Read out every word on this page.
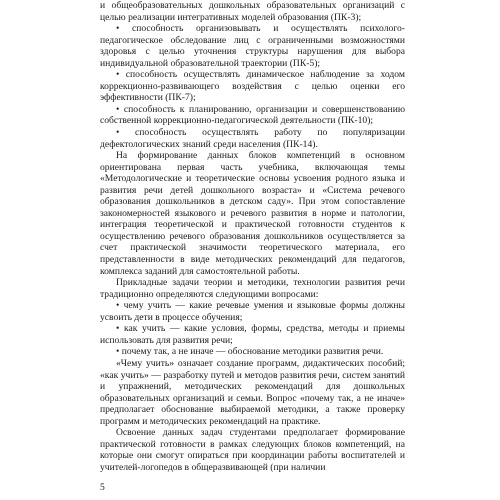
и общеобразовательных дошкольных образовательных организаций с целью реализации интегративных моделей образования (ПК-3);

• способность организовывать и осуществлять психолого-педагогическое обследование лиц с ограниченными возможностями здоровья с целью уточнения структуры нарушения для выбора индивидуальной образовательной траектории (ПК-5);

• способность осуществлять динамическое наблюдение за ходом коррекционно-развивающего воздействия с целью оценки его эффективности (ПК-7);

• способность к планированию, организации и совершенствованию собственной коррекционно-педагогической деятельности (ПК-10);

• способность осуществлять работу по популяризации дефектологических знаний среди населения (ПК-14).

На формирование данных блоков компетенций в основном ориентирована первая часть учебника, включающая темы «Методологические и теоретические основы усвоения родного языка и развития речи детей дошкольного возраста» и «Система речевого образования дошкольников в детском саду». При этом сопоставление закономерностей языкового и речевого развития в норме и патологии, интеграция теоретической и практической готовности студентов к осуществлению речевого образования дошкольников осуществляется за счет практической значимости теоретического материала, его представленности в виде методических рекомендаций для педагогов, комплекса заданий для самостоятельной работы.

Прикладные задачи теории и методики, технологии развития речи традиционно определяются следующими вопросами:

• чему учить — какие речевые умения и языковые формы должны усвоить дети в процессе обучения;

• как учить — какие условия, формы, средства, методы и приемы использовать для развития речи;

• почему так, а не иначе — обоснование методики развития речи.

«Чему учить» означает создание программ, дидактических пособий; «как учить» — разработку путей и методов развития речи, систем занятий и упражнений, методических рекомендаций для дошкольных образовательных организаций и семьи. Вопрос «почему так, а не иначе» предполагает обоснование выбираемой методики, а также проверку программ и методических рекомендаций на практике.

Освоение данных задач студентами предполагает формирование практической готовности в рамках следующих блоков компетенций, на которые они смогут опираться при координации работы воспитателей и учителей-логопедов в общеразвивающей (при наличии

5
